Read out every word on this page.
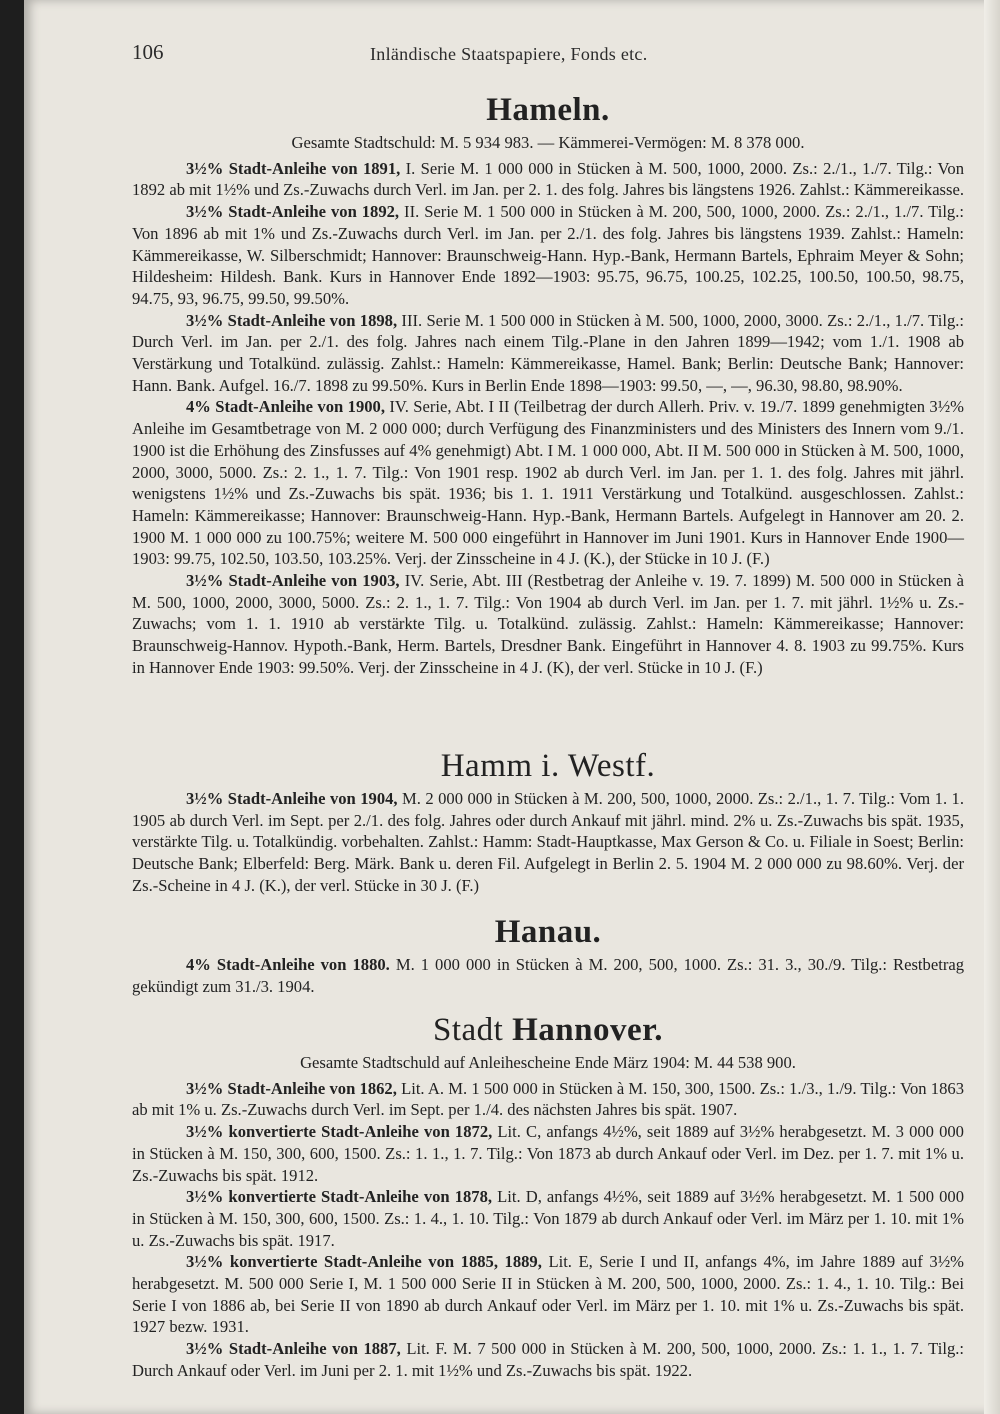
106	Inländische Staatspapiere, Fonds etc.
Hameln.
Gesamte Stadtschuld: M. 5 934 983. — Kämmerei-Vermögen: M. 8 378 000.

3½% Stadt-Anleihe von 1891, I. Serie M. 1 000 000 in Stücken à M. 500, 1000, 2000. Zs.: 2./1., 1./7. Tilg.: Von 1892 ab mit 1½% und Zs.-Zuwachs durch Verl. im Jan. per 2. 1. des folg. Jahres bis längstens 1926. Zahlst.: Kämmereikasse.

3½% Stadt-Anleihe von 1892, II. Serie M. 1 500 000 in Stücken à M. 200, 500, 1000, 2000. Zs.: 2./1., 1./7. Tilg.: Von 1896 ab mit 1% und Zs.-Zuwachs durch Verl. im Jan. per 2./1. des folg. Jahres bis längstens 1939. Zahlst.: Hameln: Kämmereikasse, W. Silberschmidt; Hannover: Braunschweig-Hann. Hyp.-Bank, Hermann Bartels, Ephraim Meyer & Sohn; Hildesheim: Hildesh. Bank. Kurs in Hannover Ende 1892—1903: 95.75, 96.75, 100.25, 102.25, 100.50, 100.50, 98.75, 94.75, 93, 96.75, 99.50, 99.50%.

3½% Stadt-Anleihe von 1898, III. Serie M. 1 500 000 in Stücken à M. 500, 1000, 2000, 3000. Zs.: 2./1., 1./7. Tilg.: Durch Verl. im Jan. per 2./1. des folg. Jahres nach einem Tilg.-Plane in den Jahren 1899—1942; vom 1./1. 1908 ab Verstärkung und Totalkünd. zulässig. Zahlst.: Hameln: Kämmereikasse, Hamel. Bank; Berlin: Deutsche Bank; Hannover: Hann. Bank. Aufgel. 16./7. 1898 zu 99.50%. Kurs in Berlin Ende 1898—1903: 99.50, —, —, 96.30, 98.80, 98.90%.

4% Stadt-Anleihe von 1900, IV. Serie, Abt. I II (Teilbetrag der durch Allerh. Priv. v. 19./7. 1899 genehmigten 3½% Anleihe im Gesamtbetrage von M. 2 000 000; durch Verfügung des Finanzministers und des Ministers des Innern vom 9./1. 1900 ist die Erhöhung des Zinsfusses auf 4% genehmigt) Abt. I M. 1 000 000, Abt. II M. 500 000 in Stücken à M. 500, 1000, 2000, 3000, 5000. Zs.: 2. 1., 1. 7. Tilg.: Von 1901 resp. 1902 ab durch Verl. im Jan. per 1. 1. des folg. Jahres mit jährl. wenigstens 1½% und Zs.-Zuwachs bis spät. 1936; bis 1. 1. 1911 Verstärkung und Totalkünd. ausgeschlossen. Zahlst.: Hameln: Kämmereikasse; Hannover: Braunschweig-Hann. Hyp.-Bank, Hermann Bartels. Aufgelegt in Hannover am 20. 2. 1900 M. 1 000 000 zu 100.75%; weitere M. 500 000 eingeführt in Hannover im Juni 1901. Kurs in Hannover Ende 1900—1903: 99.75, 102.50, 103.50, 103.25%. Verj. der Zinsscheine in 4 J. (K.), der Stücke in 10 J. (F.)

3½% Stadt-Anleihe von 1903, IV. Serie, Abt. III (Restbetrag der Anleihe v. 19. 7. 1899) M. 500 000 in Stücken à M. 500, 1000, 2000, 3000, 5000. Zs.: 2. 1., 1. 7. Tilg.: Von 1904 ab durch Verl. im Jan. per 1. 7. mit jährl. 1½% u. Zs.-Zuwachs; vom 1. 1. 1910 ab verstärkte Tilg. u. Totalkünd. zulässig. Zahlst.: Hameln: Kämmereikasse; Hannover: Braunschweig-Hannov. Hypoth.-Bank, Herm. Bartels, Dresdner Bank. Eingeführt in Hannover 4. 8. 1903 zu 99.75%. Kurs in Hannover Ende 1903: 99.50%. Verj. der Zinsscheine in 4 J. (K), der verl. Stücke in 10 J. (F.)

Hamm i. Westf.

3½% Stadt-Anleihe von 1904, M. 2 000 000 in Stücken à M. 200, 500, 1000, 2000. Zs.: 2./1., 1. 7. Tilg.: Vom 1. 1. 1905 ab durch Verl. im Sept. per 2./1. des folg. Jahres oder durch Ankauf mit jährl. mind. 2% u. Zs.-Zuwachs bis spät. 1935, verstärkte Tilg. u. Totalkündig. vorbehalten. Zahlst.: Hamm: Stadt-Hauptkasse, Max Gerson & Co. u. Filiale in Soest; Berlin: Deutsche Bank; Elberfeld: Berg. Märk. Bank u. deren Fil. Aufgelegt in Berlin 2. 5. 1904 M. 2 000 000 zu 98.60%. Verj. der Zs.-Scheine in 4 J. (K.), der verl. Stücke in 30 J. (F.)

Hanau.

4% Stadt-Anleihe von 1880. M. 1 000 000 in Stücken à M. 200, 500, 1000. Zs.: 31. 3., 30./9. Tilg.: Restbetrag gekündigt zum 31./3. 1904.

Stadt Hannover.
Gesamte Stadtschuld auf Anleihescheine Ende März 1904: M. 44 538 900.

3½% Stadt-Anleihe von 1862, Lit. A. M. 1 500 000 in Stücken à M. 150, 300, 1500. Zs.: 1./3., 1./9. Tilg.: Von 1863 ab mit 1% u. Zs.-Zuwachs durch Verl. im Sept. per 1./4. des nächsten Jahres bis spät. 1907.

3½% konvertierte Stadt-Anleihe von 1872, Lit. C, anfangs 4½%, seit 1889 auf 3½% herabgesetzt. M. 3 000 000 in Stücken à M. 150, 300, 600, 1500. Zs.: 1. 1., 1. 7. Tilg.: Von 1873 ab durch Ankauf oder Verl. im Dez. per 1. 7. mit 1% u. Zs.-Zuwachs bis spät. 1912.

3½% konvertierte Stadt-Anleihe von 1878, Lit. D, anfangs 4½%, seit 1889 auf 3½% herabgesetzt. M. 1 500 000 in Stücken à M. 150, 300, 600, 1500. Zs.: 1. 4., 1. 10. Tilg.: Von 1879 ab durch Ankauf oder Verl. im März per 1. 10. mit 1% u. Zs.-Zuwachs bis spät. 1917.

3½% konvertierte Stadt-Anleihe von 1885, 1889, Lit. E, Serie I und II, anfangs 4%, im Jahre 1889 auf 3½% herabgesetzt. M. 500 000 Serie I, M. 1 500 000 Serie II in Stücken à M. 200, 500, 1000, 2000. Zs.: 1. 4., 1. 10. Tilg.: Bei Serie I von 1886 ab, bei Serie II von 1890 ab durch Ankauf oder Verl. im März per 1. 10. mit 1% u. Zs.-Zuwachs bis spät. 1927 bezw. 1931.

3½% Stadt-Anleihe von 1887, Lit. F. M. 7 500 000 in Stücken à M. 200, 500, 1000, 2000. Zs.: 1. 1., 1. 7. Tilg.: Durch Ankauf oder Verl. im Juni per 2. 1. mit 1½% und Zs.-Zuwachs bis spät. 1922.
